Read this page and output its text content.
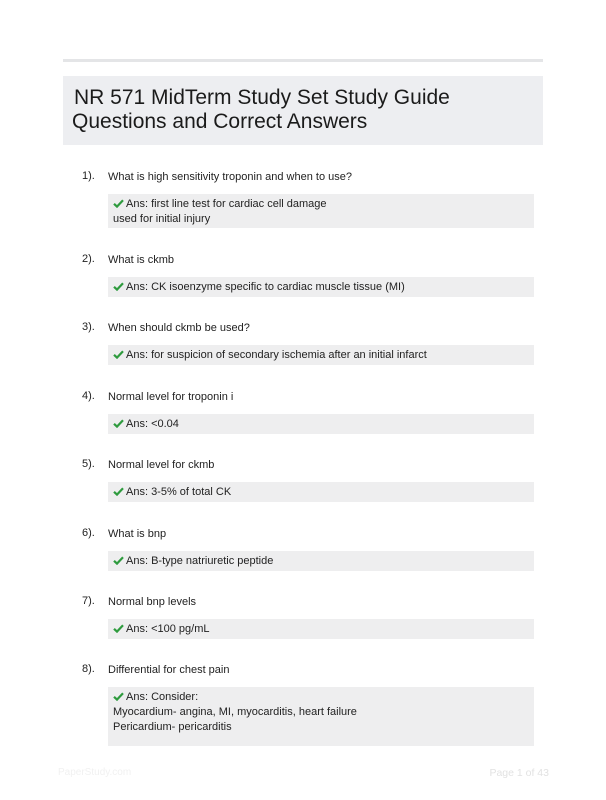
NR 571 MidTerm Study Set Study Guide
Questions and Correct Answers
1). What is high sensitivity troponin and when to use?
Ans: first line test for cardiac cell damage
used for initial injury
2). What is ckmb
Ans: CK isoenzyme specific to cardiac muscle tissue (MI)
3). When should ckmb be used?
Ans: for suspicion of secondary ischemia after an initial infarct
4). Normal level for troponin i
Ans: <0.04
5). Normal level for ckmb
Ans: 3-5% of total CK
6). What is bnp
Ans: B-type natriuretic peptide
7). Normal bnp levels
Ans: <100 pg/mL
8). Differential for chest pain
Ans: Consider:
Myocardium- angina, MI, myocarditis, heart failure
Pericardium- pericarditis
PaperStudy.com	Page 1 of 43
